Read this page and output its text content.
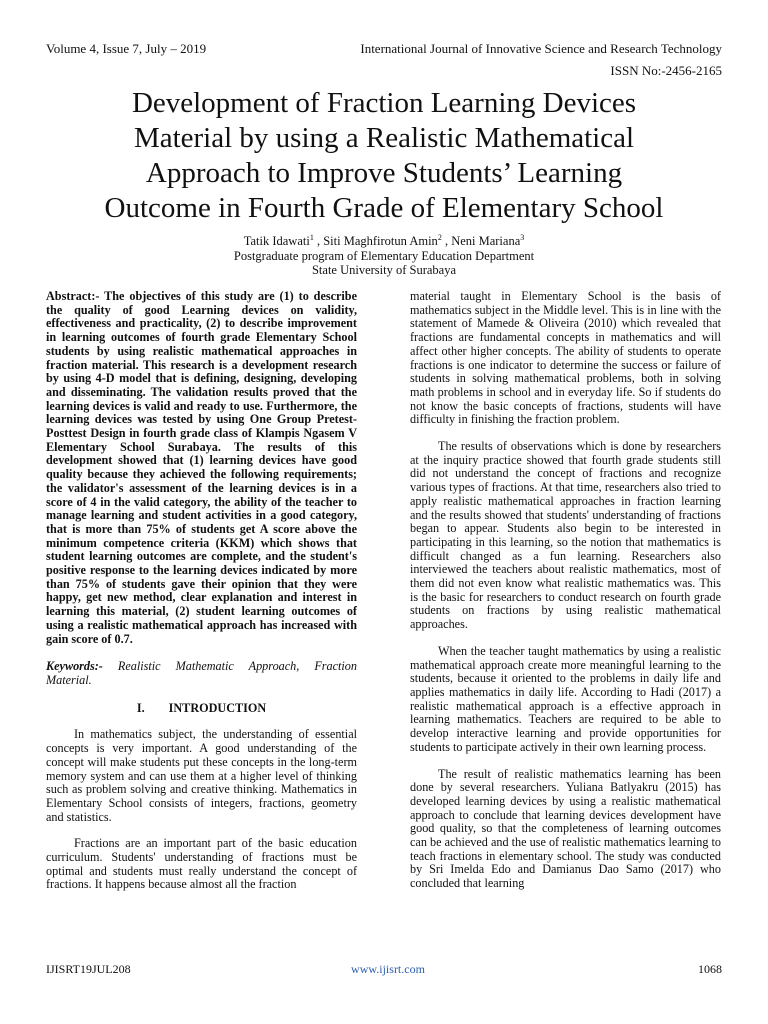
Volume 4, Issue 7, July – 2019	International Journal of Innovative Science and Research Technology
ISSN No:-2456-2165
Development of Fraction Learning Devices
Material by using a Realistic Mathematical
Approach to Improve Students’ Learning
Outcome in Fourth Grade of Elementary School
Tatik Idawati$^1$ , Siti Maghfirotun Amin$^2$ , Neni Mariana$^3$
Postgraduate program of Elementary Education Department
State University of Surabaya

Abstract:- The objectives of this study are (1) to describe the quality of good Learning devices on validity, effectiveness and practicality, (2) to describe improvement in learning outcomes of fourth grade Elementary School students by using realistic mathematical approaches in fraction material. This research is a development research by using 4-D model that is defining, designing, developing and disseminating. The validation results proved that the learning devices is valid and ready to use. Furthermore, the learning devices was tested by using One Group Pretest-Posttest Design in fourth grade class of Klampis Ngasem V Elementary School Surabaya. The results of this development showed that (1) learning devices have good quality because they achieved the following requirements; the validator's assessment of the learning devices is in a score of 4 in the valid category, the ability of the teacher to manage learning and student activities in a good category, that is more than 75% of students get A score above the minimum competence criteria (KKM) which shows that student learning outcomes are complete, and the student's positive response to the learning devices indicated by more than 75% of students gave their opinion that they were happy, get new method, clear explanation and interest in learning this material, (2) student learning outcomes of using a realistic mathematical approach has increased with gain score of 0.7.

Keywords:- Realistic Mathematic Approach, Fraction Material.

I. INTRODUCTION

In mathematics subject, the understanding of essential concepts is very important. A good understanding of the concept will make students put these concepts in the long-term memory system and can use them at a higher level of thinking such as problem solving and creative thinking. Mathematics in Elementary School consists of integers, fractions, geometry and statistics.

Fractions are an important part of the basic education curriculum. Students' understanding of fractions must be optimal and students must really understand the concept of fractions. It happens because almost all the fraction

material taught in Elementary School is the basis of mathematics subject in the Middle level. This is in line with the statement of Mamede & Oliveira (2010) which revealed that fractions are fundamental concepts in mathematics and will affect other higher concepts. The ability of students to operate fractions is one indicator to determine the success or failure of students in solving mathematical problems, both in solving math problems in school and in everyday life. So if students do not know the basic concepts of fractions, students will have difficulty in finishing the fraction problem.

The results of observations which is done by researchers at the inquiry practice showed that fourth grade students still did not understand the concept of fractions and recognize various types of fractions. At that time, researchers also tried to apply realistic mathematical approaches in fraction learning and the results showed that students' understanding of fractions began to appear. Students also begin to be interested in participating in this learning, so the notion that mathematics is difficult changed as a fun learning. Researchers also interviewed the teachers about realistic mathematics, most of them did not even know what realistic mathematics was. This is the basic for researchers to conduct research on fourth grade students on fractions by using realistic mathematical approaches.

When the teacher taught mathematics by using a realistic mathematical approach create more meaningful learning to the students, because it oriented to the problems in daily life and applies mathematics in daily life. According to Hadi (2017) a realistic mathematical approach is a effective approach in learning mathematics. Teachers are required to be able to develop interactive learning and provide opportunities for students to participate actively in their own learning process.

The result of realistic mathematics learning has been done by several researchers. Yuliana Batlyakru (2015) has developed learning devices by using a realistic mathematical approach to conclude that learning devices development have good quality, so that the completeness of learning outcomes can be achieved and the use of realistic mathematics learning to teach fractions in elementary school. The study was conducted by Sri Imelda Edo and Damianus Dao Samo (2017) who concluded that learning

IJISRT19JUL208	www.ijisrt.com	1068
